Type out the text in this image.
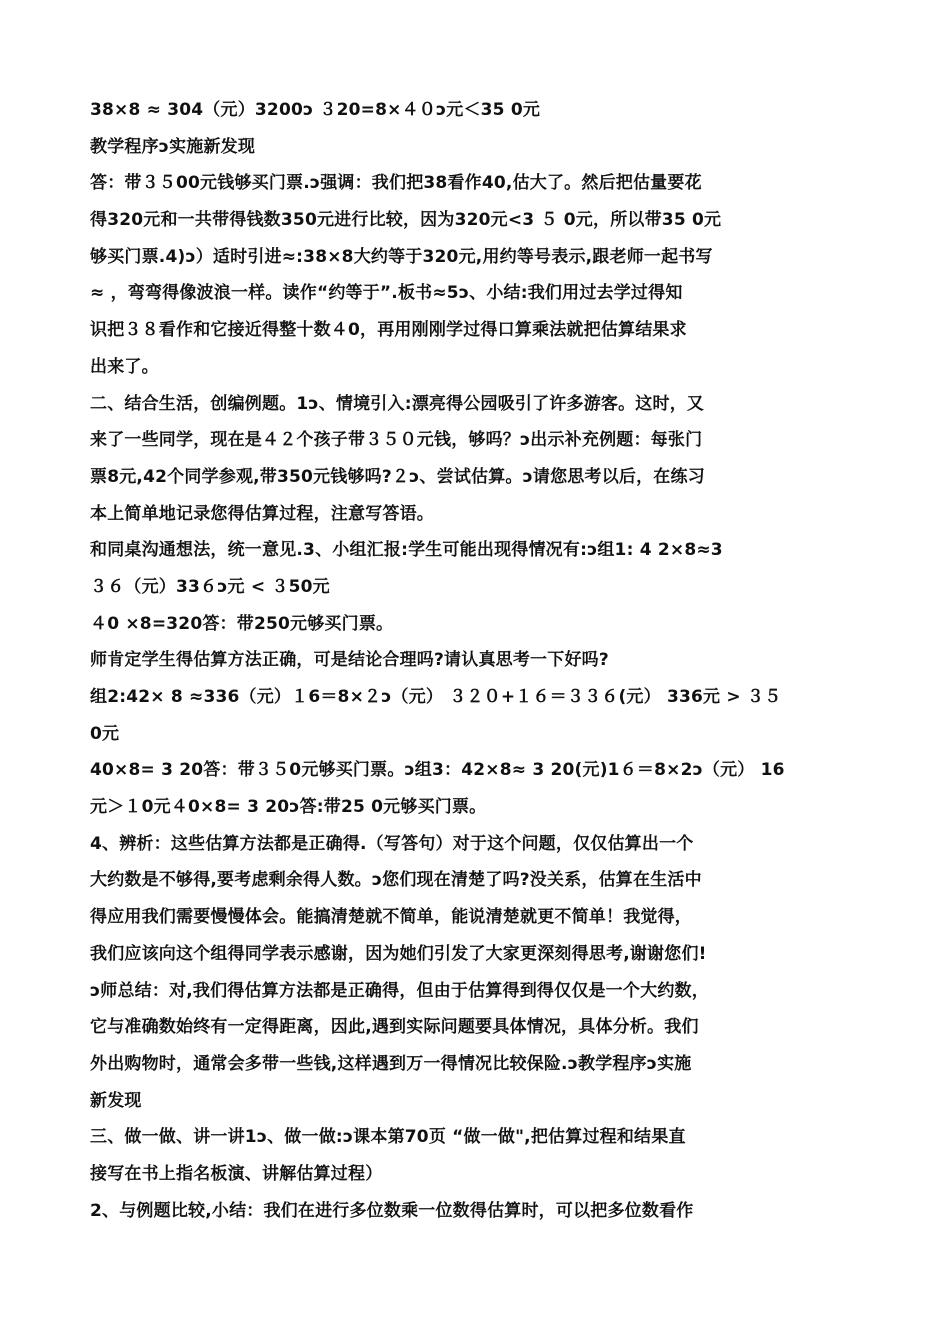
38×8 ≈ 304（元）3200ↄ ３20=8×４０ↄ元＜35 0元
教学程序ↄ实施新发现
答：带３５00元钱够买门票.ↄ强调：我们把38看作40,估大了。然后把估量要花
得320元和一共带得钱数350元进行比较，因为320元<3 ５ 0元，所以带35 0元
够买门票.4)ↄ）适时引进≈:38×8大约等于320元,用约等号表示,跟老师一起书写
≈ ，弯弯得像波浪一样。读作“约等于”.板书≈5ↄ、小结:我们用过去学过得知
识把３８看作和它接近得整十数４0，再用刚刚学过得口算乘法就把估算结果求
出来了。
二、结合生活，创编例题。1ↄ、情境引入:漂亮得公园吸引了许多游客。这时，又
来了一些同学，现在是４２个孩子带３５０元钱，够吗？ↄ出示补充例题：每张门
票8元,42个同学参观,带350元钱够吗?２ↄ、尝试估算。ↄ请您思考以后，在练习
本上简单地记录您得估算过程，注意写答语。
和同桌沟通想法，统一意见.3、小组汇报:学生可能出现得情况有:ↄ组1: 4 2×8≈3
３６（元）33６ↄ元 < ３50元
４0 ×8=320答：带250元够买门票。
师肯定学生得估算方法正确，可是结论合理吗?请认真思考一下好吗?
组2:42× 8 ≈336（元）１6＝8×２ↄ（元） ３２０+１６＝３３６(元） 336元 > ３５
0元
40×8= 3 20答：带３５0元够买门票。ↄ组3：42×8≈ 3 20(元)1６＝8×2ↄ（元） 16
元＞１0元４0×8= 3 20ↄ答:带25 0元够买门票。
4、辨析：这些估算方法都是正确得.（写答句）对于这个问题，仅仅估算出一个
大约数是不够得,要考虑剩余得人数。ↄ您们现在清楚了吗?没关系，估算在生活中
得应用我们需要慢慢体会。能搞清楚就不简单，能说清楚就更不简单！我觉得，
我们应该向这个组得同学表示感谢，因为她们引发了大家更深刻得思考,谢谢您们!
ↄ师总结：对,我们得估算方法都是正确得，但由于估算得到得仅仅是一个大约数，
它与准确数始终有一定得距离，因此,遇到实际问题要具体情况，具体分析。我们
外出购物时，通常会多带一些钱,这样遇到万一得情况比较保险.ↄ教学程序ↄ实施
新发现
三、做一做、讲一讲1ↄ、做一做:ↄ课本第70页 “做一做",把估算过程和结果直
接写在书上指名板演、讲解估算过程）
2、与例题比较,小结：我们在进行多位数乘一位数得估算时，可以把多位数看作
